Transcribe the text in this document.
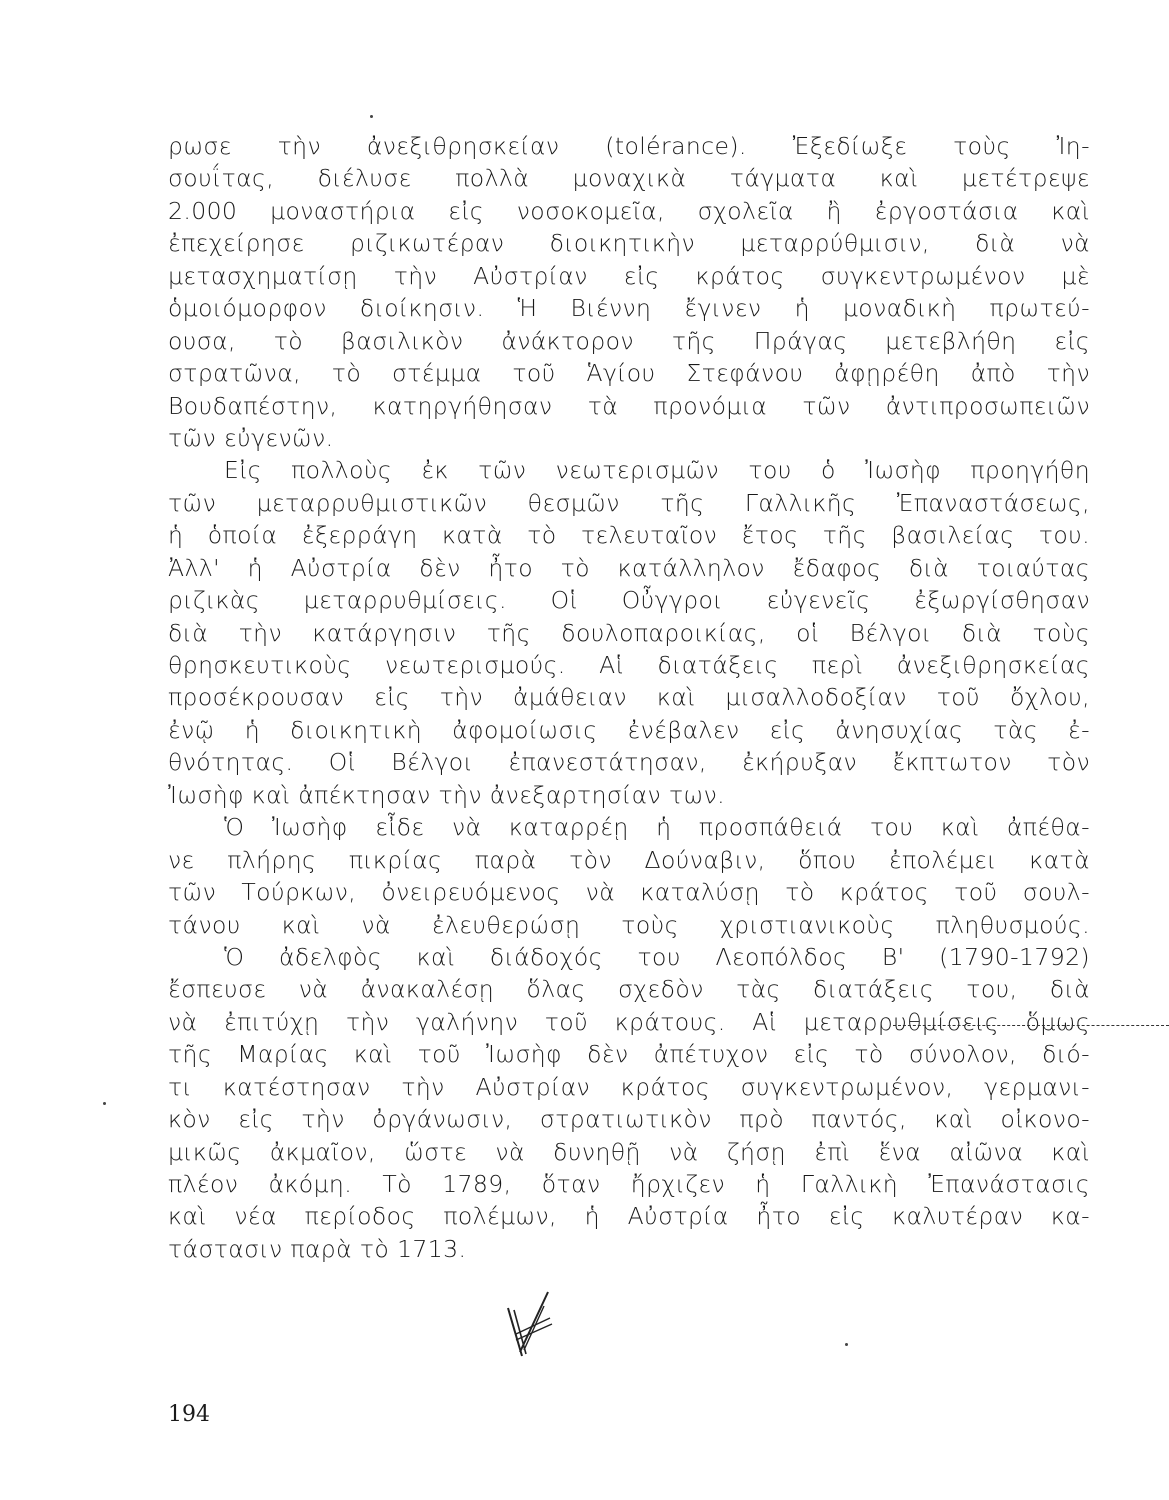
ρωσε τὴν ἀνεξιθρησκείαν (tolérance). Ἐξεδίωξε τοὺς Ἰη-
σουΐτας, διέλυσε πολλὰ μοναχικὰ τάγματα καὶ μετέτρεψε
2.000 μοναστήρια εἰς νοσοκομεῖα, σχολεῖα ἢ ἐργοστάσια καὶ
ἐπεχείρησε ριζικωτέραν διοικητικὴν μεταρρύθμισιν, διὰ νὰ
μετασχηματίσῃ τὴν Αὐστρίαν εἰς κράτος συγκεντρωμένον μὲ
ὁμοιόμορφον διοίκησιν. Ἡ Βιέννη ἔγινεν ἡ μοναδικὴ πρωτεύ-
ουσα, τὸ βασιλικὸν ἀνάκτορον τῆς Πράγας μετεβλήθη εἰς
στρατῶνα, τὸ στέμμα τοῦ Ἁγίου Στεφάνου ἀφῃρέθη ἀπὸ τὴν
Βουδαπέστην, κατηργήθησαν τὰ προνόμια τῶν ἀντιπροσωπειῶν
τῶν εὐγενῶν.
Εἰς πολλοὺς ἐκ τῶν νεωτερισμῶν του ὁ Ἰωσὴφ προηγήθη
τῶν μεταρρυθμιστικῶν θεσμῶν τῆς Γαλλικῆς Ἐπαναστάσεως,
ἡ ὁποία ἐξερράγη κατὰ τὸ τελευταῖον ἔτος τῆς βασιλείας του.
Ἀλλ' ἡ Αὐστρία δὲν ἦτο τὸ κατάλληλον ἔδαφος διὰ τοιαύτας
ριζικὰς μεταρρυθμίσεις. Οἱ Οὖγγροι εὐγενεῖς ἐξωργίσθησαν
διὰ τὴν κατάργησιν τῆς δουλοπαροικίας, οἱ Βέλγοι διὰ τοὺς
θρησκευτικοὺς νεωτερισμούς. Αἱ διατάξεις περὶ ἀνεξιθρησκείας
προσέκρουσαν εἰς τὴν ἀμάθειαν καὶ μισαλλοδοξίαν τοῦ ὄχλου,
ἐνῷ ἡ διοικητικὴ ἀφομοίωσις ἐνέβαλεν εἰς ἀνησυχίας τὰς ἐ-
θνότητας. Οἱ Βέλγοι ἐπανεστάτησαν, ἐκήρυξαν ἔκπτωτον τὸν
Ἰωσὴφ καὶ ἀπέκτησαν τὴν ἀνεξαρτησίαν των.
Ὁ Ἰωσὴφ εἶδε νὰ καταρρέῃ ἡ προσπάθειά του καὶ ἀπέθα-
νε πλήρης πικρίας παρὰ τὸν Δούναβιν, ὅπου ἐπολέμει κατὰ
τῶν Τούρκων, ὀνειρευόμενος νὰ καταλύσῃ τὸ κράτος τοῦ σουλ-
τάνου καὶ νὰ ἐλευθερώσῃ τοὺς χριστιανικοὺς πληθυσμούς.
Ὁ ἀδελφὸς καὶ διάδοχός του Λεοπόλδος Β' (1790-1792)
ἔσπευσε νὰ ἀνακαλέσῃ ὅλας σχεδὸν τὰς διατάξεις του, διὰ
νὰ ἐπιτύχῃ τὴν γαλήνην τοῦ κράτους. Αἱ μεταρρυθμίσεις ὅμως
τῆς Μαρίας καὶ τοῦ Ἰωσὴφ δὲν ἀπέτυχον εἰς τὸ σύνολον, διό-
τι κατέστησαν τὴν Αὐστρίαν κράτος συγκεντρωμένον, γερμανι-
κὸν εἰς τὴν ὀργάνωσιν, στρατιωτικὸν πρὸ παντός, καὶ οἰκονο-
μικῶς ἀκμαῖον, ὥστε νὰ δυνηθῇ νὰ ζήσῃ ἐπὶ ἕνα αἰῶνα καὶ
πλέον ἀκόμη. Τὸ 1789, ὅταν ἤρχιζεν ἡ Γαλλικὴ Ἐπανάστασις
καὶ νέα περίοδος πολέμων, ἡ Αὐστρία ἦτο εἰς καλυτέραν κα-
τάστασιν παρὰ τὸ 1713.
194
